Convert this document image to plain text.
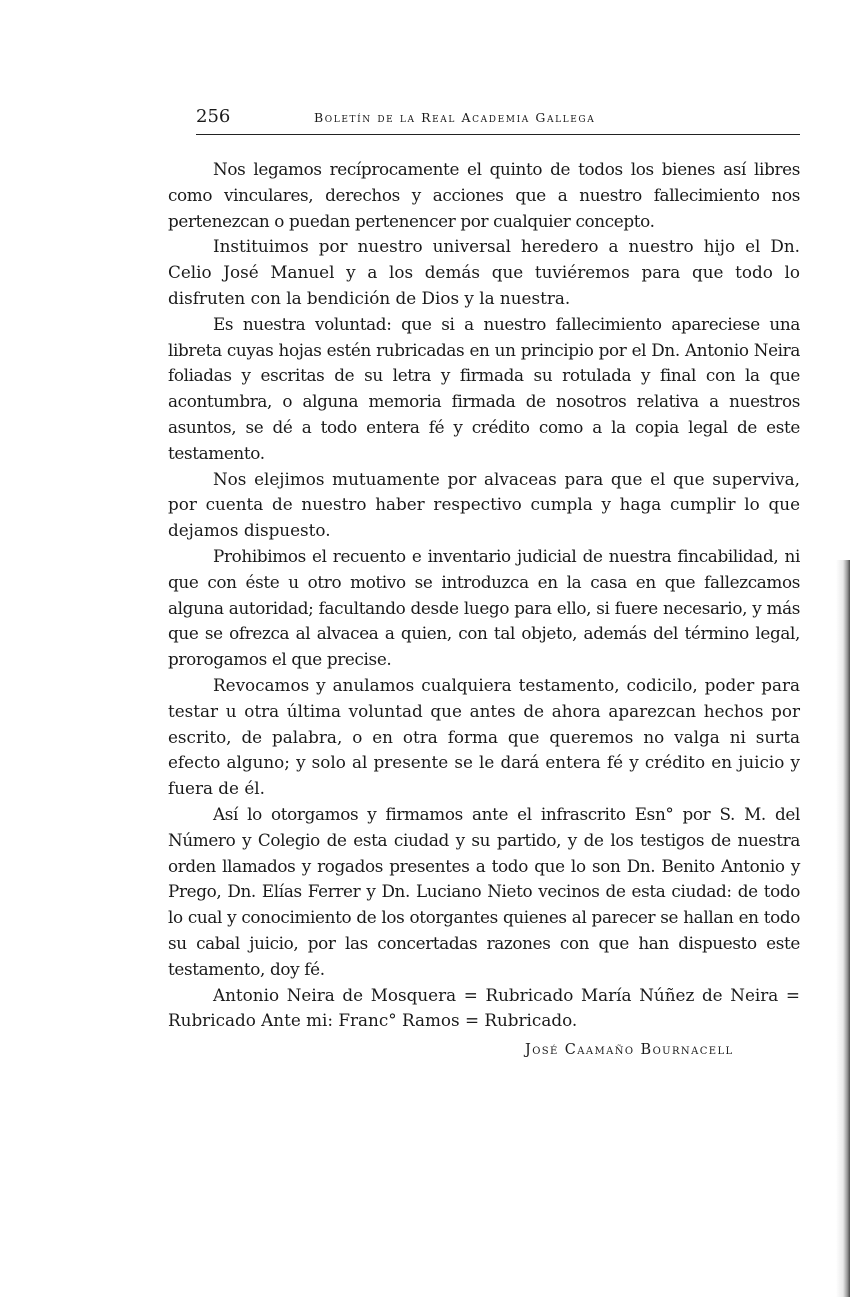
256	Boletín de la Real Academia Gallega

Nos legamos recíprocamente el quinto de todos los bienes así libres como vinculares, derechos y acciones que a nuestro fallecimiento nos pertenezcan o puedan pertenencer por cualquier concepto.

Instituimos por nuestro universal heredero a nuestro hijo el Dn. Celio José Manuel y a los demás que tuviéremos para que todo lo disfruten con la bendición de Dios y la nuestra.

Es nuestra voluntad: que si a nuestro fallecimiento apareciese una libreta cuyas hojas estén rubricadas en un principio por el Dn. Antonio Neira foliadas y escritas de su letra y firmada su rotulada y final con la que acontumbra, o alguna memoria firmada de nosotros relativa a nuestros asuntos, se dé a todo entera fé y crédito como a la copia legal de este testamento.

Nos elejimos mutuamente por alvaceas para que el que superviva, por cuenta de nuestro haber respectivo cumpla y haga cumplir lo que dejamos dispuesto.

Prohibimos el recuento e inventario judicial de nuestra fincabilidad, ni que con éste u otro motivo se introduzca en la casa en que fallezcamos alguna autoridad; facultando desde luego para ello, si fuere necesario, y más que se ofrezca al alvacea a quien, con tal objeto, además del término legal, prorogamos el que precise.

Revocamos y anulamos cualquiera testamento, codicilo, poder para testar u otra última voluntad que antes de ahora aparezcan hechos por escrito, de palabra, o en otra forma que queremos no valga ni surta efecto alguno; y solo al presente se le dará entera fé y crédito en juicio y fuera de él.

Así lo otorgamos y firmamos ante el infrascrito Esn° por S. M. del Número y Colegio de esta ciudad y su partido, y de los testigos de nuestra orden llamados y rogados presentes a todo que lo son Dn. Benito Antonio y Prego, Dn. Elías Ferrer y Dn. Luciano Nieto vecinos de esta ciudad: de todo lo cual y conocimiento de los otorgantes quienes al parecer se hallan en todo su cabal juicio, por las concertadas razones con que han dispuesto este testamento, doy fé.

Antonio Neira de Mosquera = Rubricado María Núñez de Neira = Rubricado Ante mi: Franc° Ramos = Rubricado.

José Caamaño Bournacell
